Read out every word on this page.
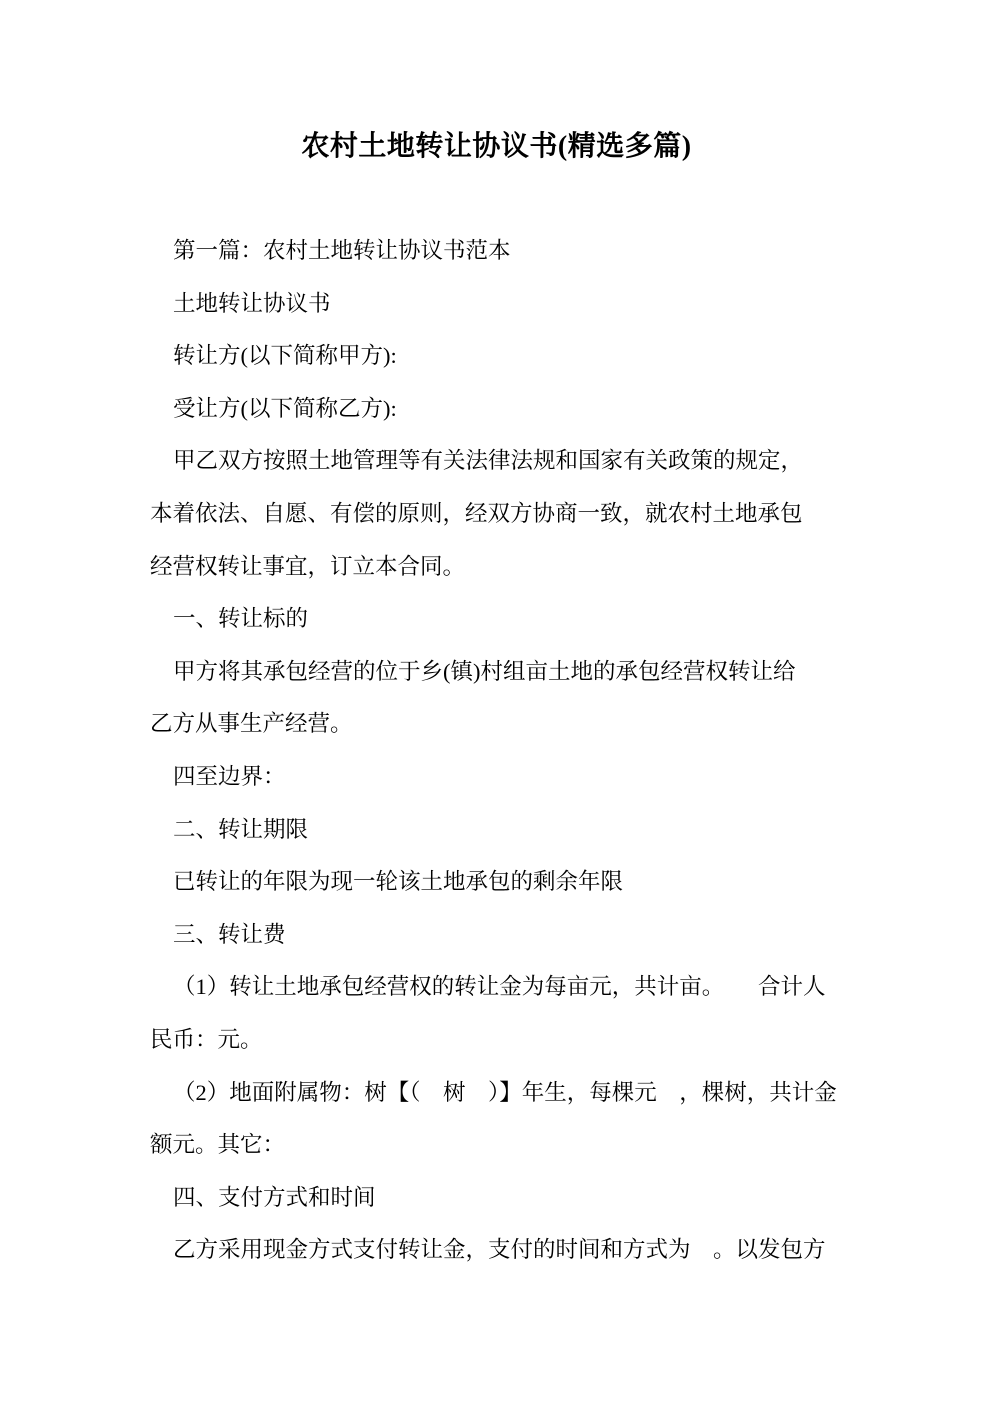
农村土地转让协议书(精选多篇)

第一篇：农村土地转让协议书范本

土地转让协议书

转让方(以下简称甲方):

受让方(以下简称乙方):

甲乙双方按照土地管理等有关法律法规和国家有关政策的规定，
本着依法、自愿、有偿的原则，经双方协商一致，就农村土地承包
经营权转让事宜，订立本合同。

一、转让标的

甲方将其承包经营的位于乡(镇)村组亩土地的承包经营权转让给
乙方从事生产经营。

四至边界：

二、转让期限

已转让的年限为现一轮该土地承包的剩余年限

三、转让费

（1）转让土地承包经营权的转让金为每亩元，共计亩。　　合计人
民币：元。

（2）地面附属物：树【（　树　）】年生，每棵元　，棵树，共计金
额元。其它：

四、支付方式和时间

乙方采用现金方式支付转让金，支付的时间和方式为　。以发包方
